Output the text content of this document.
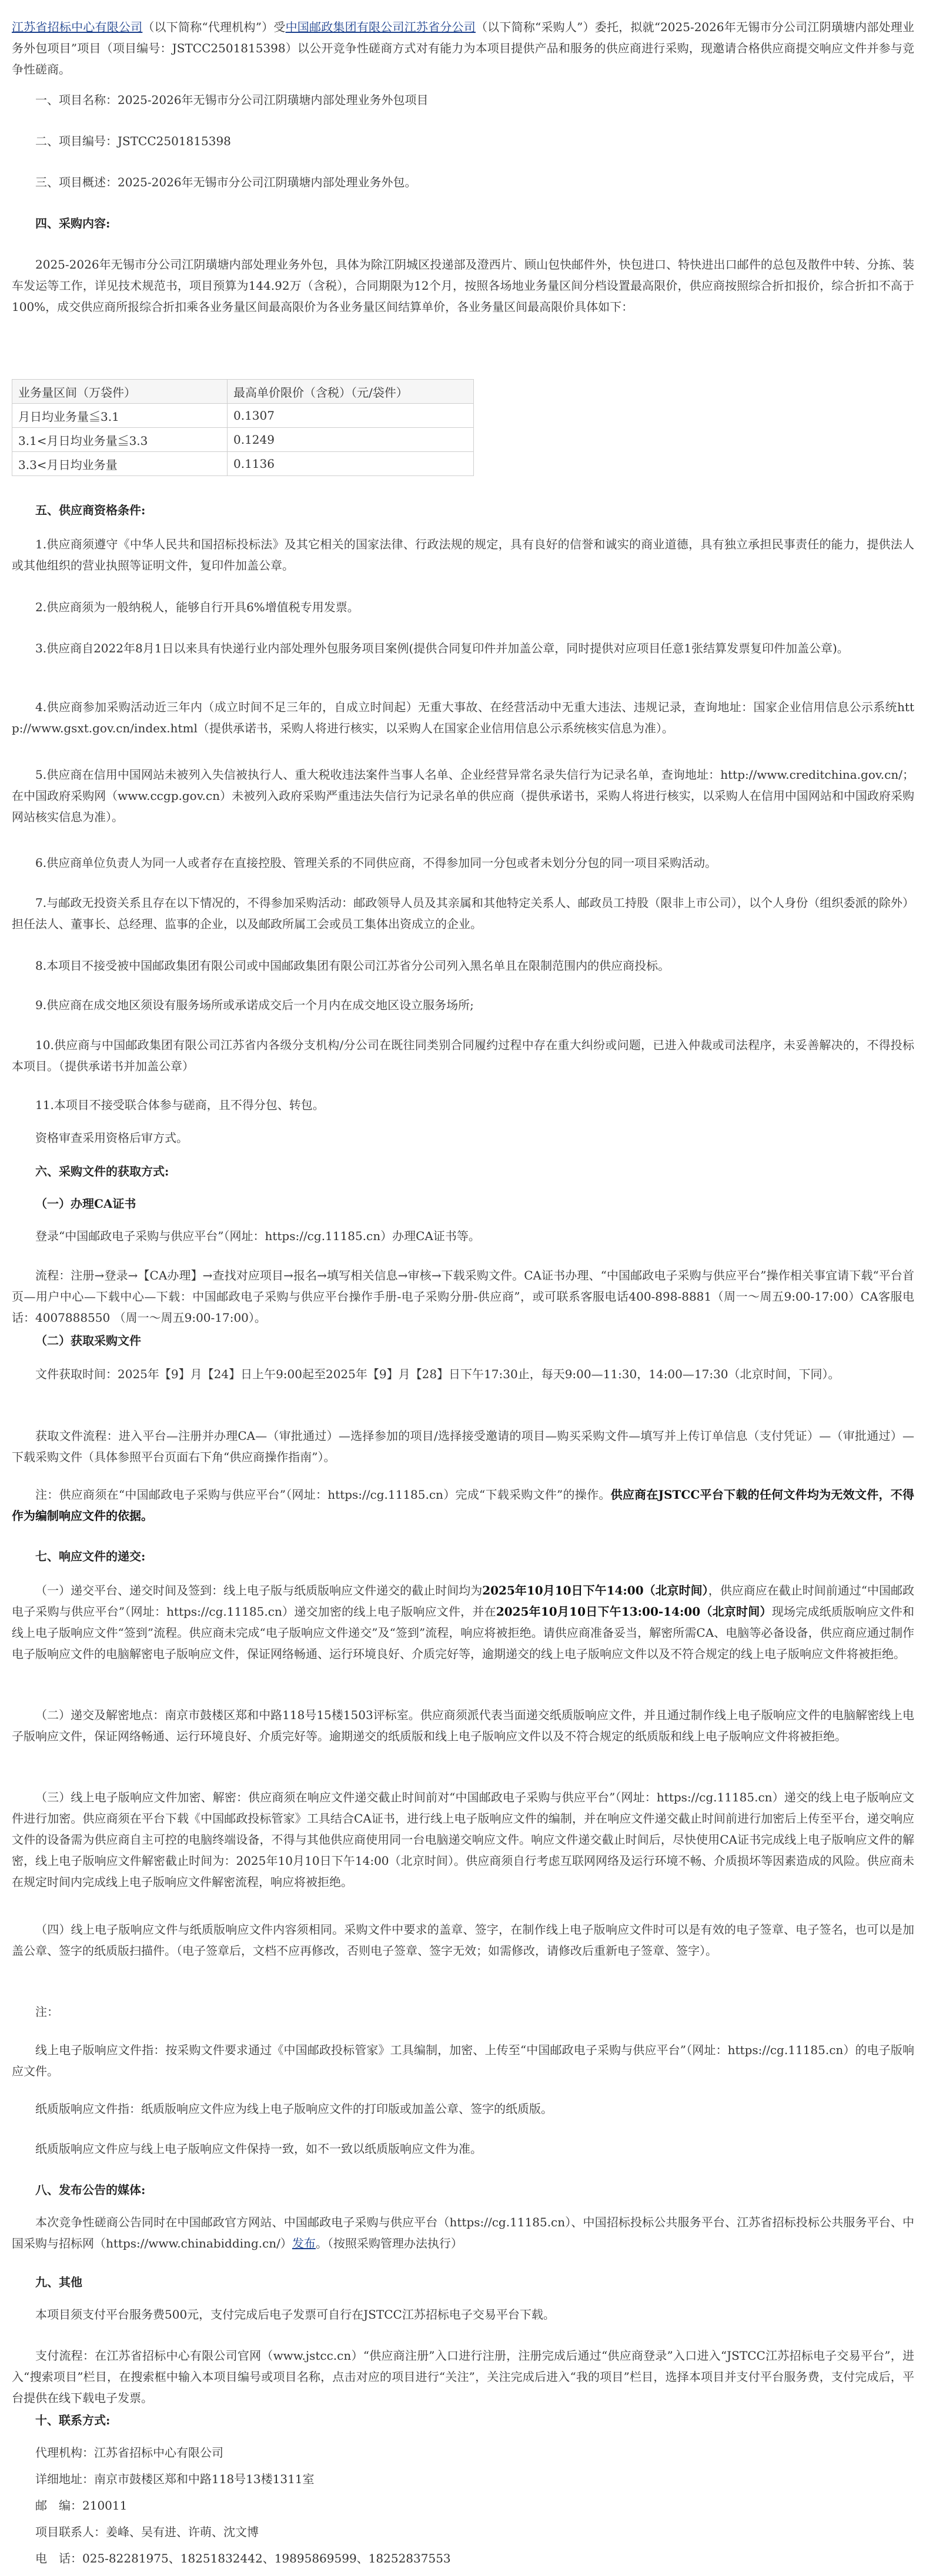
江苏省招标中心有限公司（以下简称“代理机构”）受中国邮政集团有限公司江苏省分公司（以下简称“采购人”）委托，拟就“2025-2026年无锡市分公司江阴璜塘内部处理业务外包项目”项目（项目编号：JSTCC2501815398）以公开竞争性磋商方式对有能力为本项目提供产品和服务的供应商进行采购，现邀请合格供应商提交响应文件并参与竞争性磋商。

一、项目名称：2025-2026年无锡市分公司江阴璜塘内部处理业务外包项目

二、项目编号：JSTCC2501815398

三、项目概述：2025-2026年无锡市分公司江阴璜塘内部处理业务外包。

四、采购内容:

2025-2026年无锡市分公司江阴璜塘内部处理业务外包，具体为除江阴城区投递部及澄西片、顾山包快邮件外，快包进口、特快进出口邮件的总包及散件中转、分拣、装车发运等工作，详见技术规范书，项目预算为144.92万（含税），合同期限为12个月，按照各场地业务量区间分档设置最高限价，供应商按照综合折扣报价，综合折扣不高于100%，成交供应商所报综合折扣乘各业务量区间最高限价为各业务量区间结算单价，各业务量区间最高限价具体如下：

业务量区间（万袋件）	最高单价限价（含税）（元/袋件）
月日均业务量≦3.1	0.1307
3.1<月日均业务量≦3.3	0.1249
3.3<月日均业务量	0.1136

五、供应商资格条件:

1.供应商须遵守《中华人民共和国招标投标法》及其它相关的国家法律、行政法规的规定，具有良好的信誉和诚实的商业道德，具有独立承担民事责任的能力，提供法人或其他组织的营业执照等证明文件，复印件加盖公章。

2.供应商须为一般纳税人，能够自行开具6%增值税专用发票。

3.供应商自2022年8月1日以来具有快递行业内部处理外包服务项目案例(提供合同复印件并加盖公章，同时提供对应项目任意1张结算发票复印件加盖公章)。

4.供应商参加采购活动近三年内（成立时间不足三年的，自成立时间起）无重大事故、在经营活动中无重大违法、违规记录，查询地址：国家企业信用信息公示系统http://www.gsxt.gov.cn/index.html（提供承诺书，采购人将进行核实，以采购人在国家企业信用信息公示系统核实信息为准）。

5.供应商在信用中国网站未被列入失信被执行人、重大税收违法案件当事人名单、企业经营异常名录失信行为记录名单，查询地址：http://www.creditchina.gov.cn/；在中国政府采购网（www.ccgp.gov.cn）未被列入政府采购严重违法失信行为记录名单的供应商（提供承诺书，采购人将进行核实，以采购人在信用中国网站和中国政府采购网站核实信息为准）。

6.供应商单位负责人为同一人或者存在直接控股、管理关系的不同供应商，不得参加同一分包或者未划分分包的同一项目采购活动。

7.与邮政无投资关系且存在以下情况的，不得参加采购活动：邮政领导人员及其亲属和其他特定关系人、邮政员工持股（限非上市公司），以个人身份（组织委派的除外）担任法人、董事长、总经理、监事的企业，以及邮政所属工会或员工集体出资成立的企业。

8.本项目不接受被中国邮政集团有限公司或中国邮政集团有限公司江苏省分公司列入黑名单且在限制范围内的供应商投标。

9.供应商在成交地区须设有服务场所或承诺成交后一个月内在成交地区设立服务场所;

10.供应商与中国邮政集团有限公司江苏省内各级分支机构/分公司在既往同类别合同履约过程中存在重大纠纷或问题，已进入仲裁或司法程序，未妥善解决的，不得投标本项目。（提供承诺书并加盖公章）

11.本项目不接受联合体参与磋商，且不得分包、转包。

资格审查采用资格后审方式。

六、采购文件的获取方式:

（一）办理CA证书

登录“中国邮政电子采购与供应平台”（网址：https://cg.11185.cn）办理CA证书等。

流程：注册→登录→【CA办理】→查找对应项目→报名→填写相关信息→审核→下载采购文件。CA证书办理、“中国邮政电子采购与供应平台”操作相关事宜请下载“平台首页—用户中心—下载中心—下载：中国邮政电子采购与供应平台操作手册-电子采购分册-供应商”，或可联系客服电话400-898-8881（周一～周五9:00-17:00）CA客服电话：4007888550 （周一～周五9:00-17:00）。

（二）获取采购文件

文件获取时间：2025年【9】月【24】日上午9:00起至2025年【9】月【28】日下午17:30止，每天9:00—11:30，14:00—17:30（北京时间，下同）。

获取文件流程：进入平台—注册并办理CA—（审批通过）—选择参加的项目/选择接受邀请的项目—购买采购文件—填写并上传订单信息（支付凭证）—（审批通过）—下载采购文件（具体参照平台页面右下角“供应商操作指南”）。

注：供应商须在“中国邮政电子采购与供应平台”（网址：https://cg.11185.cn）完成“下载采购文件”的操作。供应商在JSTCC平台下载的任何文件均为无效文件，不得作为编制响应文件的依据。

七、响应文件的递交:

（一）递交平台、递交时间及签到：线上电子版与纸质版响应文件递交的截止时间均为2025年10月10日下午14:00（北京时间），供应商应在截止时间前通过“中国邮政电子采购与供应平台”（网址：https://cg.11185.cn）递交加密的线上电子版响应文件，并在2025年10月10日下午13:00-14:00（北京时间）现场完成纸质版响应文件和线上电子版响应文件“签到”流程。供应商未完成“电子版响应文件递交”及“签到”流程，响应将被拒绝。请供应商准备妥当，解密所需CA、电脑等必备设备，供应商应通过制作电子版响应文件的电脑解密电子版响应文件，保证网络畅通、运行环境良好、介质完好等，逾期递交的线上电子版响应文件以及不符合规定的线上电子版响应文件将被拒绝。

（二）递交及解密地点：南京市鼓楼区郑和中路118号15楼1503评标室。供应商须派代表当面递交纸质版响应文件，并且通过制作线上电子版响应文件的电脑解密线上电子版响应文件，保证网络畅通、运行环境良好、介质完好等。逾期递交的纸质版和线上电子版响应文件以及不符合规定的纸质版和线上电子版响应文件将被拒绝。

（三）线上电子版响应文件加密、解密：供应商须在响应文件递交截止时间前对“中国邮政电子采购与供应平台”（网址：https://cg.11185.cn）递交的线上电子版响应文件进行加密。供应商须在平台下载《中国邮政投标管家》工具结合CA证书，进行线上电子版响应文件的编制，并在响应文件递交截止时间前进行加密后上传至平台，递交响应文件的设备需为供应商自主可控的电脑终端设备，不得与其他供应商使用同一台电脑递交响应文件。响应文件递交截止时间后，尽快使用CA证书完成线上电子版响应文件的解密，线上电子版响应文件解密截止时间为：2025年10月10日下午14:00（北京时间）。供应商须自行考虑互联网网络及运行环境不畅、介质损坏等因素造成的风险。供应商未在规定时间内完成线上电子版响应文件解密流程，响应将被拒绝。

（四）线上电子版响应文件与纸质版响应文件内容须相同。采购文件中要求的盖章、签字，在制作线上电子版响应文件时可以是有效的电子签章、电子签名，也可以是加盖公章、签字的纸质版扫描件。（电子签章后，文档不应再修改，否则电子签章、签字无效；如需修改，请修改后重新电子签章、签字）。

注：

线上电子版响应文件指：按采购文件要求通过《中国邮政投标管家》工具编制，加密、上传至“中国邮政电子采购与供应平台”（网址：https://cg.11185.cn）的电子版响应文件。

纸质版响应文件指：纸质版响应文件应为线上电子版响应文件的打印版或加盖公章、签字的纸质版。

纸质版响应文件应与线上电子版响应文件保持一致，如不一致以纸质版响应文件为准。

八、发布公告的媒体:

本次竞争性磋商公告同时在中国邮政官方网站、中国邮政电子采购与供应平台（https://cg.11185.cn）、中国招标投标公共服务平台、江苏省招标投标公共服务平台、中国采购与招标网（https://www.chinabidding.cn/）发布。（按照采购管理办法执行）

九、其他

本项目须支付平台服务费500元，支付完成后电子发票可自行在JSTCC江苏招标电子交易平台下载。

支付流程：在江苏省招标中心有限公司官网（www.jstcc.cn）“供应商注册”入口进行注册，注册完成后通过“供应商登录”入口进入“JSTCC江苏招标电子交易平台”，进入“搜索项目”栏目，在搜索框中输入本项目编号或项目名称，点击对应的项目进行“关注”，关注完成后进入“我的项目”栏目，选择本项目并支付平台服务费，支付完成后，平台提供在线下载电子发票。

十、联系方式:

代理机构：江苏省招标中心有限公司

详细地址：南京市鼓楼区郑和中路118号13楼1311室

邮　编：210011

项目联系人：姜峰、吴有进、许萌、沈文博

电　话：025-82281975、18251832442、19895869599、18252837553
